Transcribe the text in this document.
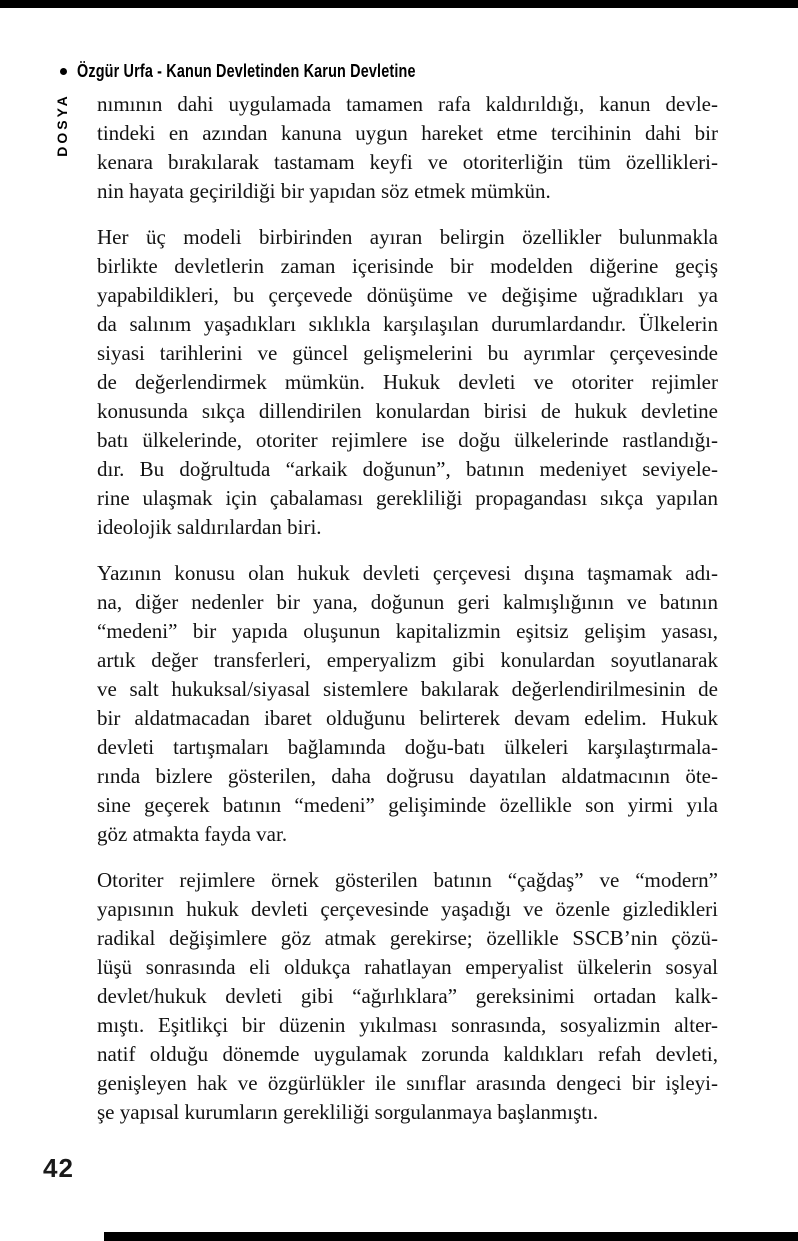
Özgür Urfa - Kanun Devletinden Karun Devletine
DOSYA nımının dahi uygulamada tamamen rafa kaldırıldığı, kanun devle-
tindeki en azından kanuna uygun hareket etme tercihinin dahi bir
kenara bırakılarak tastamam keyfi ve otoriterliğin tüm özellikleri-
nin hayata geçirildiği bir yapıdan söz etmek mümkün.
Her üç modeli birbirinden ayıran belirgin özellikler bulunmakla
birlikte devletlerin zaman içerisinde bir modelden diğerine geçiş
yapabildikleri, bu çerçevede dönüşüme ve değişime uğradıkları ya
da salınım yaşadıkları sıklıkla karşılaşılan durumlardandır. Ülkelerin
siyasi tarihlerini ve güncel gelişmelerini bu ayrımlar çerçevesinde
de değerlendirmek mümkün. Hukuk devleti ve otoriter rejimler
konusunda sıkça dillendirilen konulardan birisi de hukuk devletine
batı ülkelerinde, otoriter rejimlere ise doğu ülkelerinde rastlandığı-
dır. Bu doğrultuda “arkaik doğunun”, batının medeniyet seviyele-
rine ulaşmak için çabalaması gerekliliği propagandası sıkça yapılan
ideolojik saldırılardan biri.
Yazının konusu olan hukuk devleti çerçevesi dışına taşmamak adı-
na, diğer nedenler bir yana, doğunun geri kalmışlığının ve batının
“medeni” bir yapıda oluşunun kapitalizmin eşitsiz gelişim yasası,
artık değer transferleri, emperyalizm gibi konulardan soyutlanarak
ve salt hukuksal/siyasal sistemlere bakılarak değerlendirilmesinin de
bir aldatmacadan ibaret olduğunu belirterek devam edelim. Hukuk
devleti tartışmaları bağlamında doğu-batı ülkeleri karşılaştırmala-
rında bizlere gösterilen, daha doğrusu dayatılan aldatmacının öte-
sine geçerek batının “medeni” gelişiminde özellikle son yirmi yıla
göz atmakta fayda var.
Otoriter rejimlere örnek gösterilen batının “çağdaş” ve “modern”
yapısının hukuk devleti çerçevesinde yaşadığı ve özenle gizledikleri
radikal değişimlere göz atmak gerekirse; özellikle SSCB’nin çözü-
lüşü sonrasında eli oldukça rahatlayan emperyalist ülkelerin sosyal
devlet/hukuk devleti gibi “ağırlıklara” gereksinimi ortadan kalk-
mıştı. Eşitlikçi bir düzenin yıkılması sonrasında, sosyalizmin alter-
natif olduğu dönemde uygulamak zorunda kaldıkları refah devleti,
genişleyen hak ve özgürlükler ile sınıflar arasında dengeci bir işleyi-
şe yapısal kurumların gerekliliği sorgulanmaya başlanmıştı.
42
